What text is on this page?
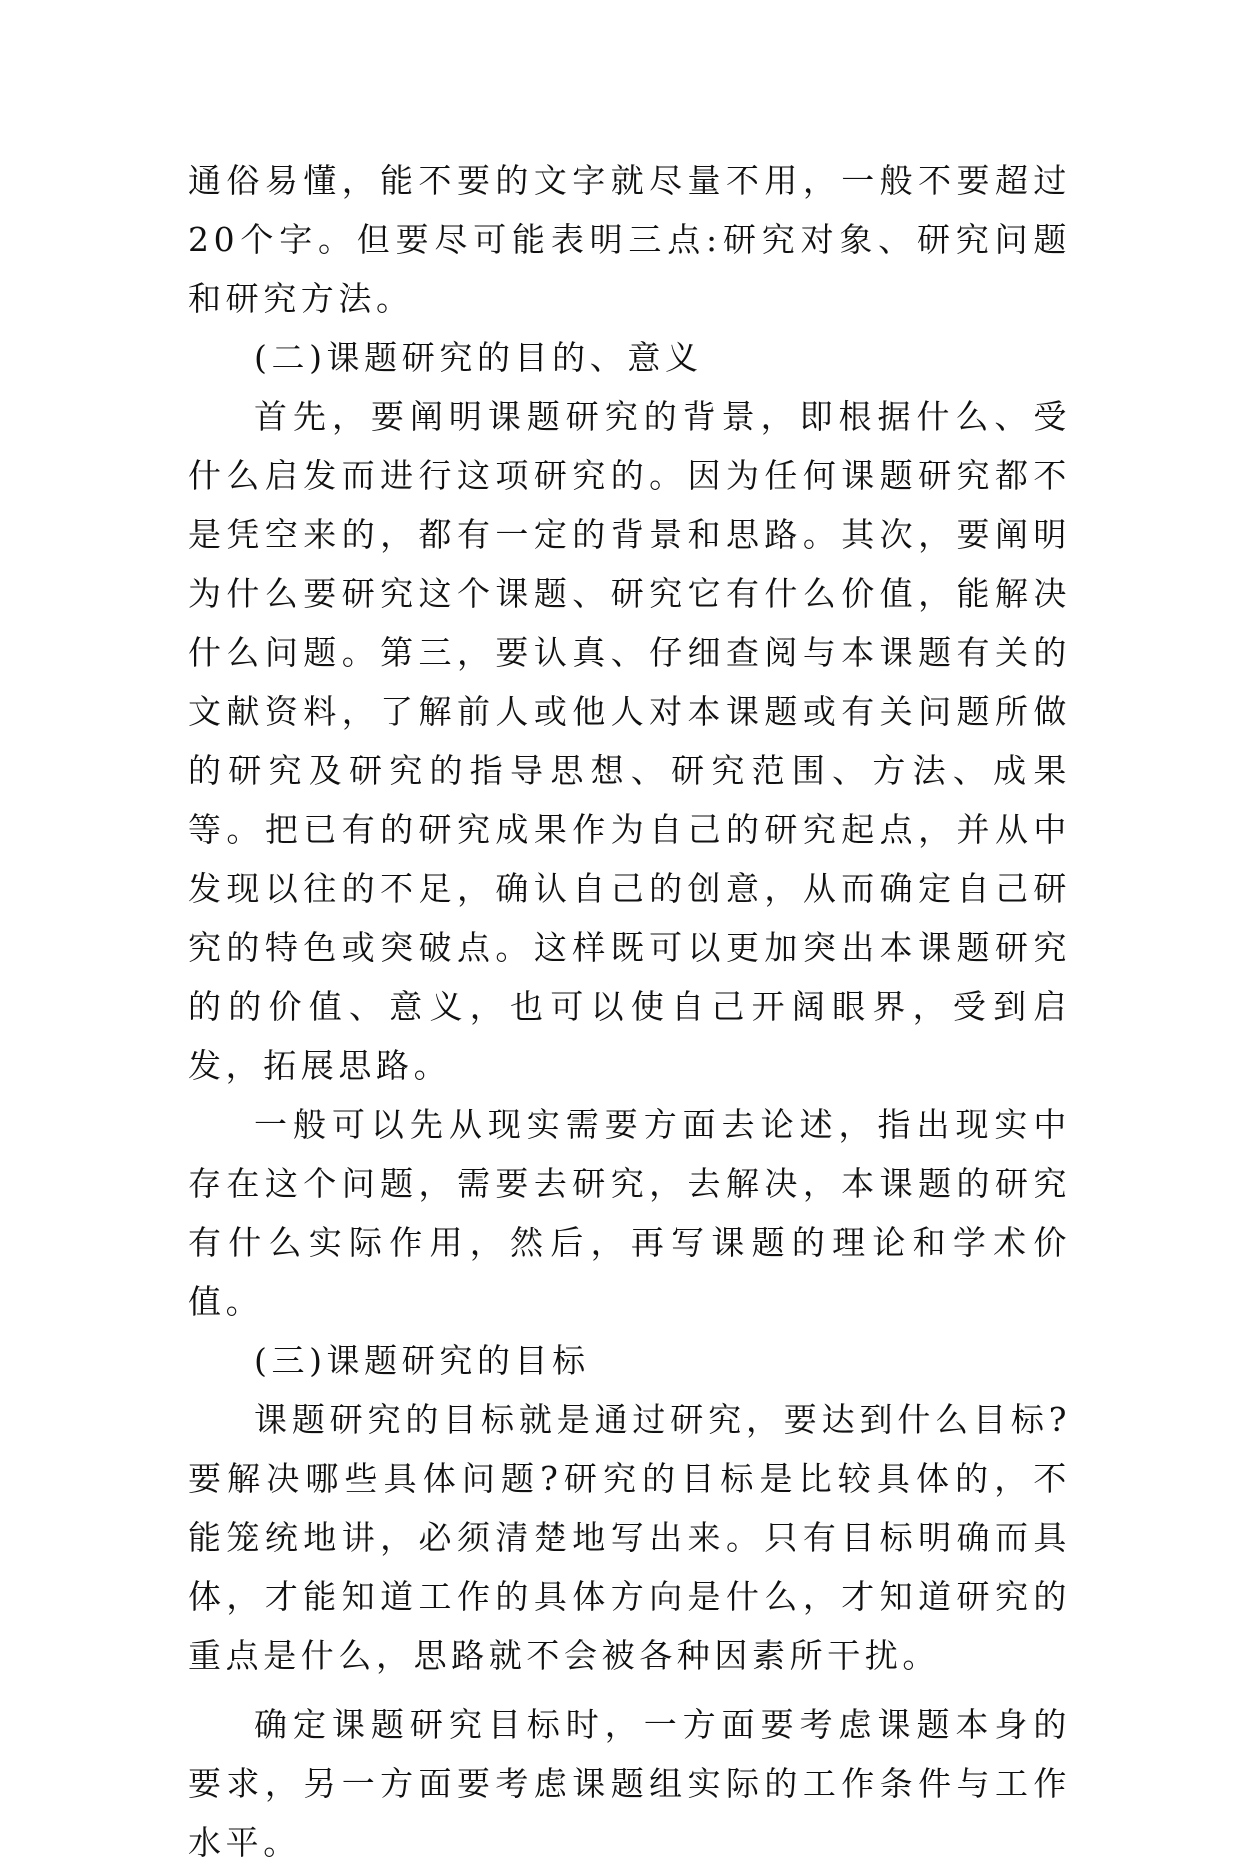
通俗易懂，能不要的文字就尽量不用，一般不要超过20个字。但要尽可能表明三点:研究对象、研究问题和研究方法。

(二)课题研究的目的、意义

首先，要阐明课题研究的背景，即根据什么、受什么启发而进行这项研究的。因为任何课题研究都不是凭空来的，都有一定的背景和思路。其次，要阐明为什么要研究这个课题、研究它有什么价值，能解决什么问题。第三，要认真、仔细查阅与本课题有关的文献资料，了解前人或他人对本课题或有关问题所做的研究及研究的指导思想、研究范围、方法、成果等。把已有的研究成果作为自己的研究起点，并从中发现以往的不足，确认自己的创意，从而确定自己研究的特色或突破点。这样既可以更加突出本课题研究的的价值、意义，也可以使自己开阔眼界，受到启发，拓展思路。

一般可以先从现实需要方面去论述，指出现实中存在这个问题，需要去研究，去解决，本课题的研究有什么实际作用，然后，再写课题的理论和学术价值。

(三)课题研究的目标

课题研究的目标就是通过研究，要达到什么目标?要解决哪些具体问题?研究的目标是比较具体的，不能笼统地讲，必须清楚地写出来。只有目标明确而具体，才能知道工作的具体方向是什么，才知道研究的重点是什么，思路就不会被各种因素所干扰。

确定课题研究目标时，一方面要考虑课题本身的要求，另一方面要考虑课题组实际的工作条件与工作水平。
